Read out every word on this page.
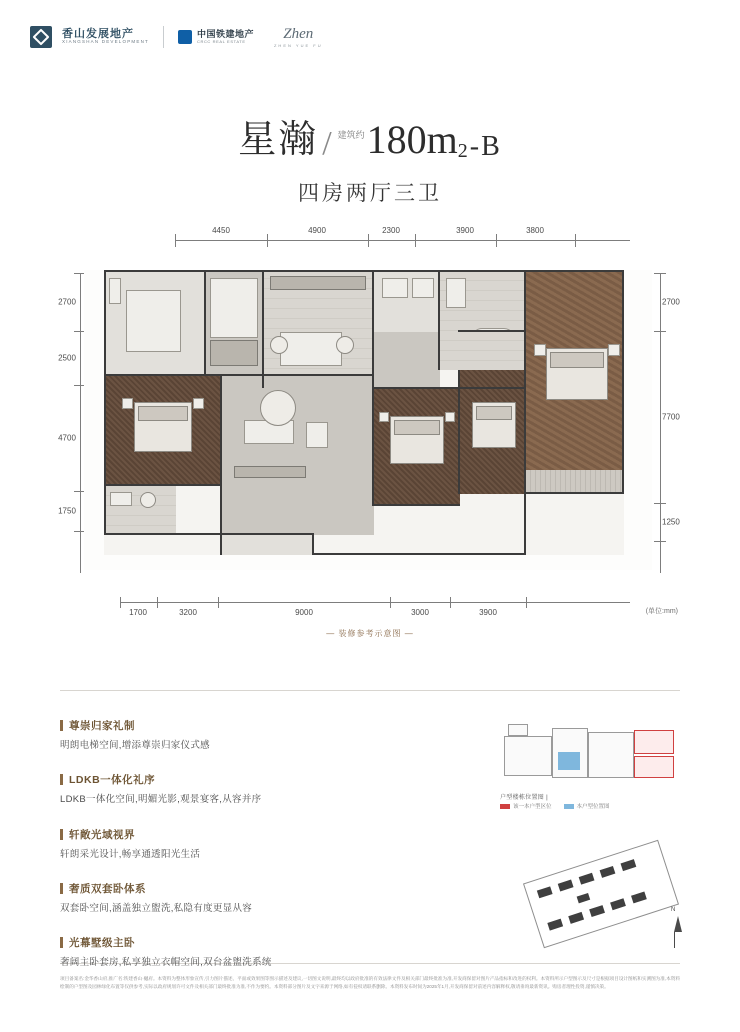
香山发展地产
XIANGSHAN DEVELOPMENT
中国铁建地产
CRCC REAL ESTATE	Zhen
ZHEN YUE FU
星瀚 / 建筑约 180 m 2 -B
四房两厅三卫
4450	4900	2300	3900	3800
2700
2500
4700
1750
2700
7700
1250
1700	3200	9000	3000	3900	(单位:mm)
— 装修参考示意图 —
尊崇归家礼制
明朗电梯空间,增添尊崇归家仪式感
LDKB一体化礼序
LDKB一体化空间,明媚光影,观景宴客,从容并序
轩敞光域视界
轩朗采光设计,畅享通透阳光生活
奢质双套卧体系
双套卧空间,涵盖独立盥洗,私隐有度更显从容
光幕墅级主卧
奢阔主卧套房,私享独立衣帽空间,双台盆盥洗系统
户型楼栋位置图 |
该一本户型区位	本户型位置图
N
项目备案名:金华香山府,推广名:铁建香山·樾府。本资料为整体形象宣传,引力图片描述、平面或效果图等图示描述及建议,一切图文说明,最终均以政府批准的有效法律文件及相关部门最终批准为准,开发商保留对图片产品指标和改进的权利。本资料所示户型图示及尺寸是根据项目设计图纸和实测图为准,本资料绘制的户型图及园林绿化布置等仅供参考,实际以政府规划许可文件及相关部门最终批准为准,不作为要约。本资料部分图片及文字来源于网络,如有侵权请联系删除。本资料发布时间为2025年1月,开发商保留对前述内容解释权,敬请垂询最新资讯。购房者理性投资,谨慎决策。
